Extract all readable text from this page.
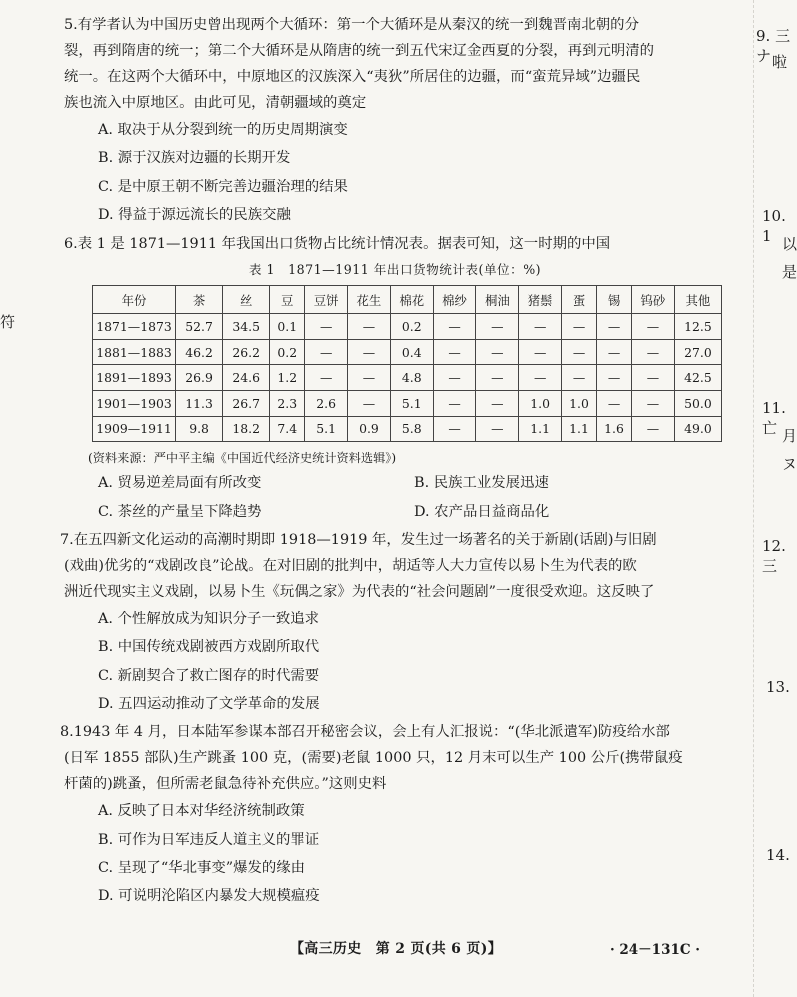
5.有学者认为中国历史曾出现两个大循环：第一个大循环是从秦汉的统一到魏晋南北朝的分

裂，再到隋唐的统一；第二个大循环是从隋唐的统一到五代宋辽金西夏的分裂，再到元明清的

统一。在这两个大循环中，中原地区的汉族深入“夷狄”所居住的边疆，而“蛮荒异域”边疆民

族也流入中原地区。由此可见，清朝疆域的奠定

A. 取决于从分裂到统一的历史周期演变
B. 源于汉族对边疆的长期开发
C. 是中原王朝不断完善边疆治理的结果
D. 得益于源远流长的民族交融

6.表 1 是 1871—1911 年我国出口货物占比统计情况表。据表可知，这一时期的中国

表 1　1871—1911 年出口货物统计表(单位：%)
年份	茶	丝	豆	豆饼	花生	棉花	棉纱	桐油	猪鬃	蛋	锡	钨砂	其他
1871—1873	52.7	34.5	0.1	—	—	0.2	—	—	—	—	—	—	12.5
1881—1883	46.2	26.2	0.2	—	—	0.4	—	—	—	—	—	—	27.0
1891—1893	26.9	24.6	1.2	—	—	4.8	—	—	—	—	—	—	42.5
1901—1903	11.3	26.7	2.3	2.6	—	5.1	—	—	1.0	1.0	—	—	50.0
1909—1911	9.8	18.2	7.4	5.1	0.9	5.8	—	—	1.1	1.1	1.6	—	49.0
(资料来源：严中平主编《中国近代经济史统计资料选辑》)
A. 贸易逆差局面有所改变	B. 民族工业发展迅速
C. 茶丝的产量呈下降趋势	D. 农产品日益商品化

7.在五四新文化运动的高潮时期即 1918—1919 年，发生过一场著名的关于新剧(话剧)与旧剧

(戏曲)优劣的“戏剧改良”论战。在对旧剧的批判中，胡适等人大力宣传以易卜生为代表的欧

洲近代现实主义戏剧，以易卜生《玩偶之家》为代表的“社会问题剧”一度很受欢迎。这反映了

A. 个性解放成为知识分子一致追求
B. 中国传统戏剧被西方戏剧所取代
C. 新剧契合了救亡图存的时代需要
D. 五四运动推动了文学革命的发展

8.1943 年 4 月，日本陆军参谋本部召开秘密会议，会上有人汇报说：“(华北派遣军)防疫给水部

(日军 1855 部队)生产跳蚤 100 克，(需要)老鼠 1000 只，12 月末可以生产 100 公斤(携带鼠疫

杆菌的)跳蚤，但所需老鼠急待补充供应。”这则史料

A. 反映了日本对华经济统制政策
B. 可作为日军违反人道主义的罪证
C. 呈现了“华北事变”爆发的缘由
D. 可说明沦陷区内暴发大规模瘟疫
【高三历史　第 2 页(共 6 页)】	· 24－131C ·
符
9. 三ナ 啦
10. 1 以
是
11. 亡 月
ヌ
12. 三
13.
14.
